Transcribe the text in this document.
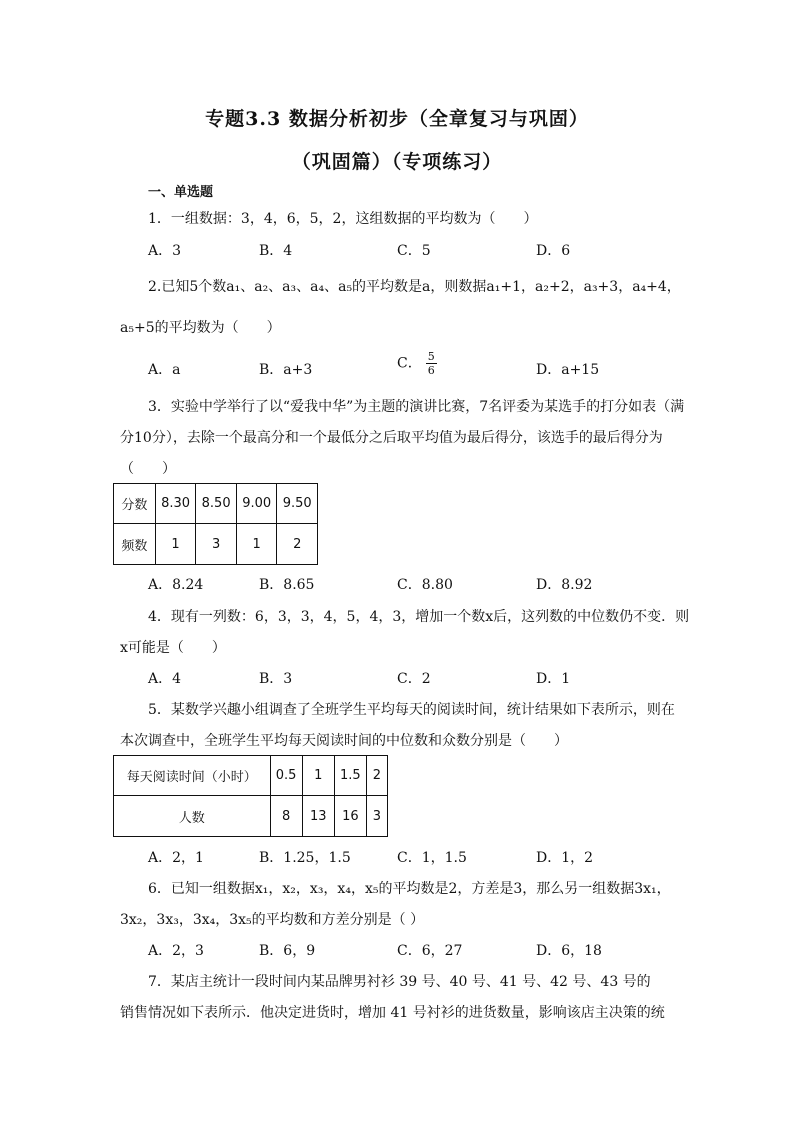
专题3.3 数据分析初步（全章复习与巩固）
（巩固篇）（专项练习）
一、单选题
1．一组数据：3，4，6，5，2，这组数据的平均数为（　　）
A．3	B．4	C．5	D．6
2.已知5个数a₁、a₂、a₃、a₄、a₅的平均数是a，则数据a₁+1，a₂+2，a₃+3，a₄+4，
a₅+5的平均数为（　　）
A．a	B．a+3	C． $\frac{5}{6}$	D．a+15
3．实验中学举行了以“爱我中华”为主题的演讲比赛，7名评委为某选手的打分如表（满
分10分），去除一个最高分和一个最低分之后取平均值为最后得分，该选手的最后得分为
（　　）
分数	8.30	8.50	9.00	9.50
频数	1	3	1	2
A．8.24	B．8.65	C．8.80	D．8.92
4．现有一列数：6，3，3，4，5，4，3，增加一个数x后，这列数的中位数仍不变．则
x可能是（　　）
A．4	B．3	C．2	D．1
5．某数学兴趣小组调查了全班学生平均每天的阅读时间，统计结果如下表所示，则在
本次调查中，全班学生平均每天阅读时间的中位数和众数分别是（　　）
每天阅读时间（小时）	0.5	1	1.5	2
人数	8	13	16	3
A．2，1	B．1.25，1.5	C．1，1.5	D．1，2
6．已知一组数据x₁，x₂，x₃，x₄，x₅的平均数是2，方差是3，那么另一组数据3x₁，
3x₂，3x₃，3x₄，3x₅的平均数和方差分别是（ ）
A．2，3	B．6，9	C．6，27	D．6，18
7．某店主统计一段时间内某品牌男衬衫 39 号、40 号、41 号、42 号、43 号的
销售情况如下表所示．他决定进货时，增加 41 号衬衫的进货数量，影响该店主决策的统
